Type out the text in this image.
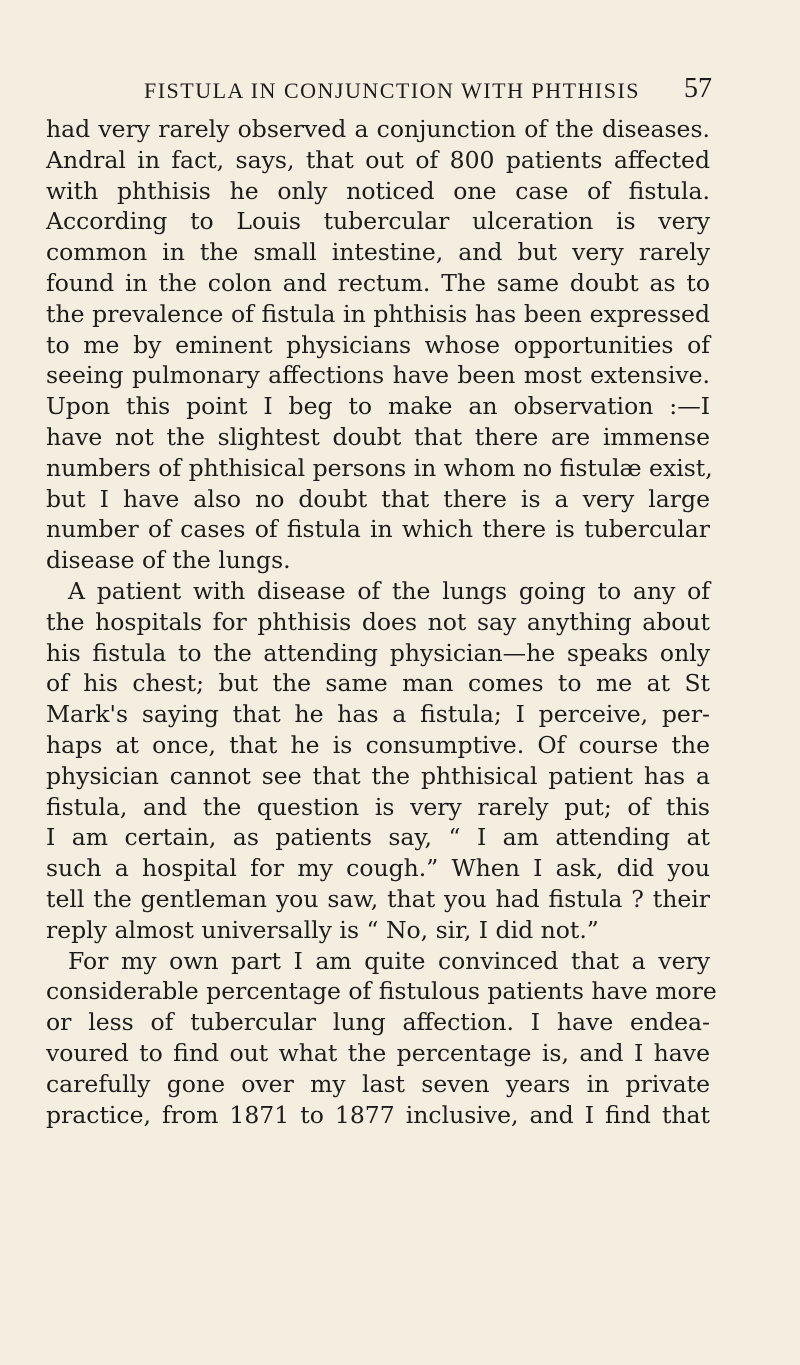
FISTULA IN CONJUNCTION WITH PHTHISIS 57
had very rarely observed a conjunction of the diseases.
Andral in fact, says, that out of 800 patients affected
with phthisis he only noticed one case of fistula.
According to Louis tubercular ulceration is very
common in the small intestine, and but very rarely
found in the colon and rectum. The same doubt as to
the prevalence of fistula in phthisis has been expressed
to me by eminent physicians whose opportunities of
seeing pulmonary affections have been most extensive.
Upon this point I beg to make an observation :—I
have not the slightest doubt that there are immense
numbers of phthisical persons in whom no fistulæ exist,
but I have also no doubt that there is a very large
number of cases of fistula in which there is tubercular
disease of the lungs.
A patient with disease of the lungs going to any of
the hospitals for phthisis does not say anything about
his fistula to the attending physician—he speaks only
of his chest; but the same man comes to me at St
Mark's saying that he has a fistula; I perceive, per-
haps at once, that he is consumptive. Of course the
physician cannot see that the phthisical patient has a
fistula, and the question is very rarely put; of this
I am certain, as patients say, “ I am attending at
such a hospital for my cough.” When I ask, did you
tell the gentleman you saw, that you had fistula ? their
reply almost universally is “ No, sir, I did not.”
For my own part I am quite convinced that a very
considerable percentage of fistulous patients have more
or less of tubercular lung affection. I have endea-
voured to find out what the percentage is, and I have
carefully gone over my last seven years in private
practice, from 1871 to 1877 inclusive, and I find that
